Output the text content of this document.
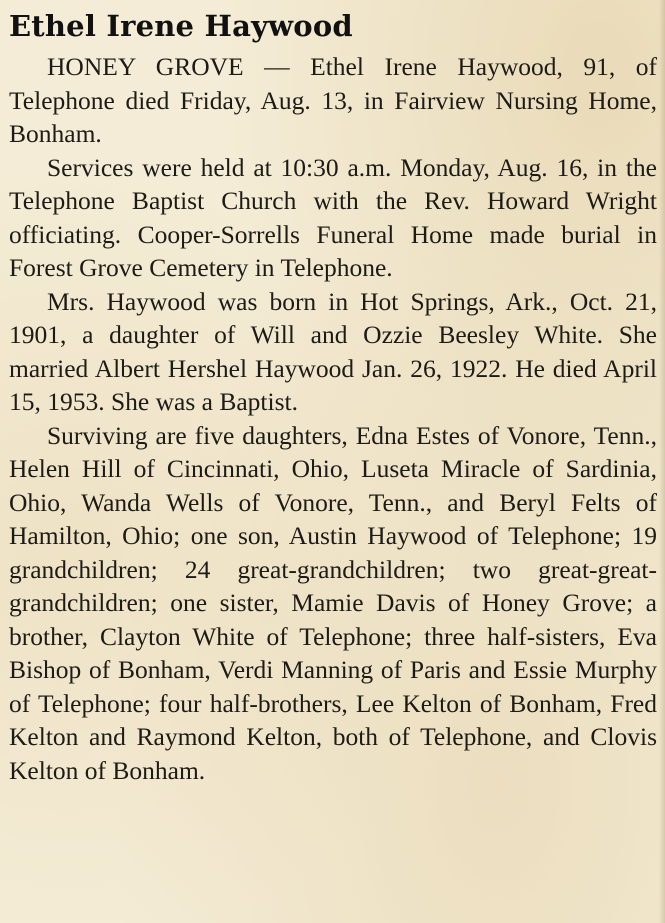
Ethel Irene Haywood

HONEY GROVE — Ethel Irene Haywood, 91, of Telephone died Friday, Aug. 13, in Fairview Nursing Home, Bonham.

Services were held at 10:30 a.m. Monday, Aug. 16, in the Telephone Baptist Church with the Rev. Howard Wright officiating. Cooper-Sorrells Funeral Home made burial in Forest Grove Cemetery in Telephone.

Mrs. Haywood was born in Hot Springs, Ark., Oct. 21, 1901, a daughter of Will and Ozzie Beesley White. She married Albert Hershel Haywood Jan. 26, 1922. He died April 15, 1953. She was a Baptist.

Surviving are five daughters, Edna Estes of Vonore, Tenn., Helen Hill of Cincinnati, Ohio, Luseta Miracle of Sardinia, Ohio, Wanda Wells of Vonore, Tenn., and Beryl Felts of Hamilton, Ohio; one son, Austin Haywood of Telephone; 19 grandchildren; 24 great-grandchildren; two great-great-grandchildren; one sister, Mamie Davis of Honey Grove; a brother, Clayton White of Telephone; three half-sisters, Eva Bishop of Bonham, Verdi Manning of Paris and Essie Murphy of Telephone; four half-brothers, Lee Kelton of Bonham, Fred Kelton and Raymond Kelton, both of Telephone, and Clovis Kelton of Bonham.
